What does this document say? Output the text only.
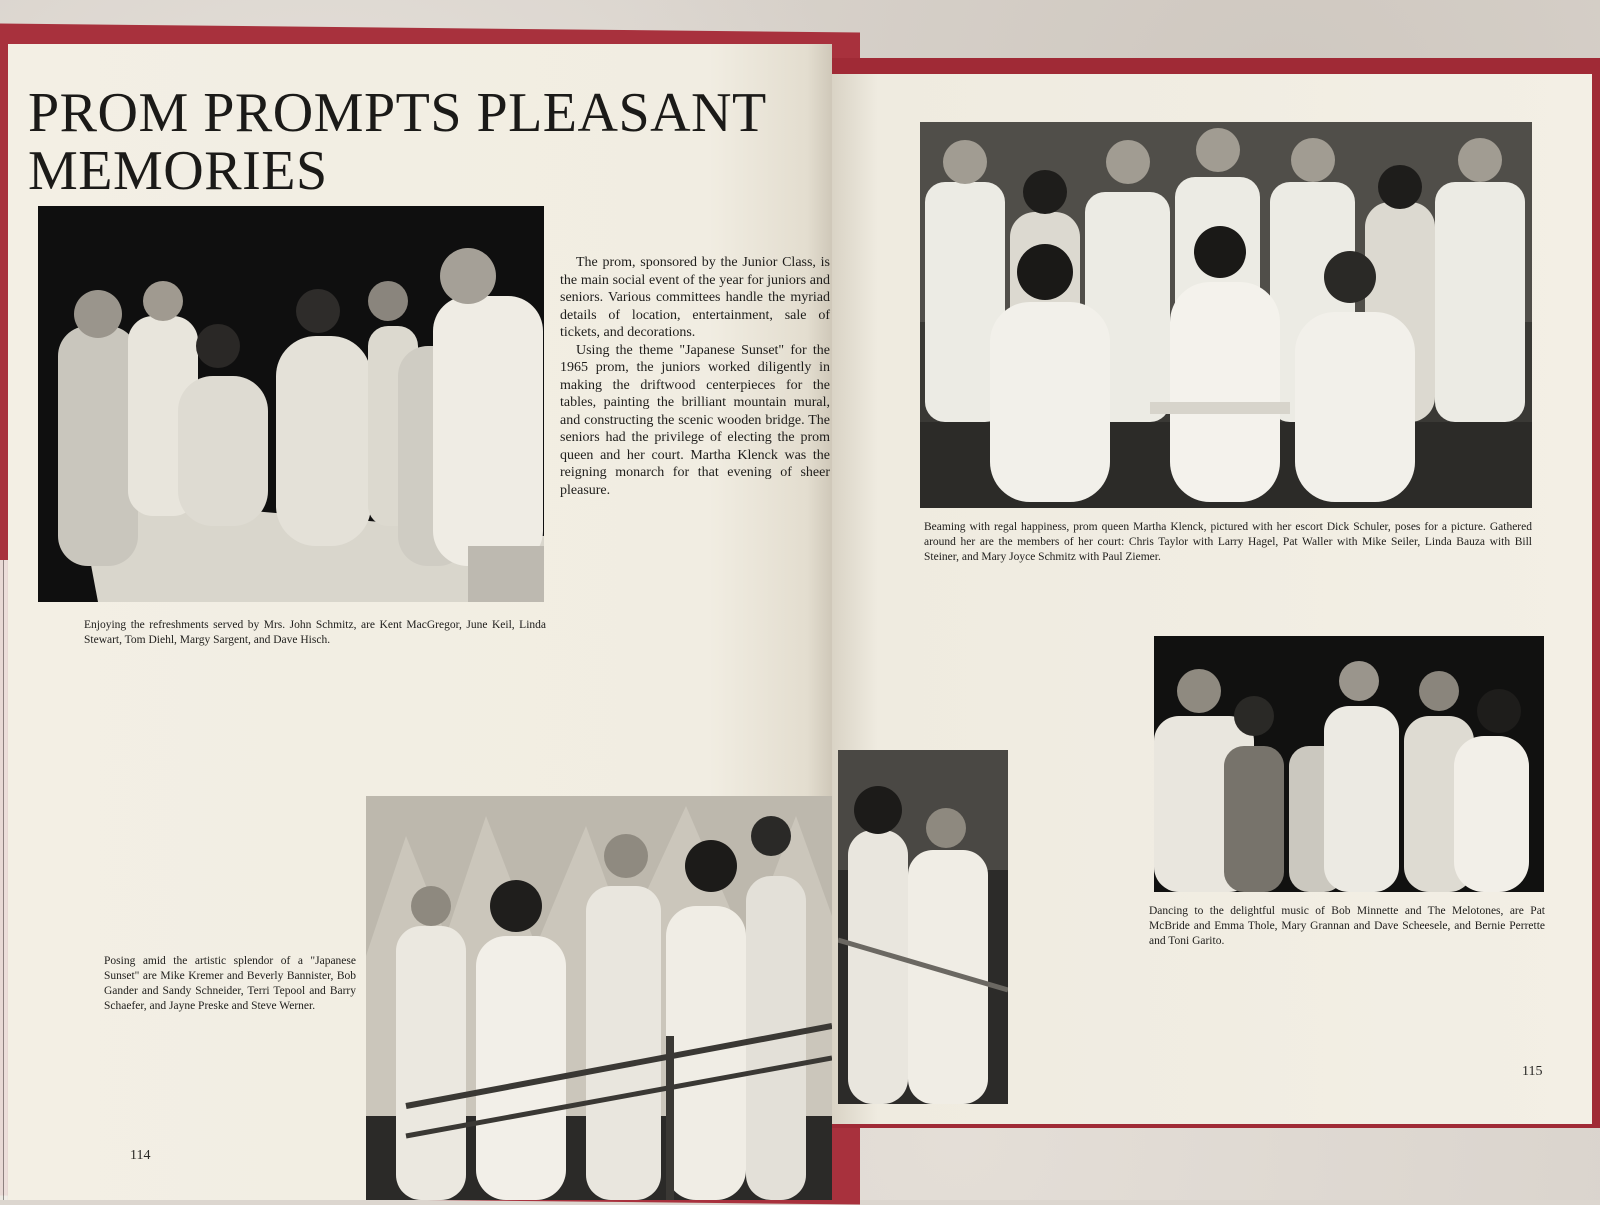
PROM PROMPTS PLEASANT MEMORIES

Enjoying the refreshments served by Mrs. John Schmitz, are Kent MacGregor, June Keil, Linda Stewart, Tom Diehl, Margy Sargent, and Dave Hisch.

The prom, sponsored by the Junior Class, is the main social event of the year for juniors and seniors. Various committees handle the myriad details of location, entertainment, sale of tickets, and decorations.

Using the theme "Japanese Sunset" for the 1965 prom, the juniors worked diligently in making the driftwood centerpieces for the tables, painting the brilliant mountain mural, and constructing the scenic wooden bridge. The seniors had the privilege of electing the prom queen and her court. Martha Klenck was the reigning monarch for that evening of sheer pleasure.

Posing amid the artistic splendor of a "Japanese Sunset" are Mike Kremer and Beverly Bannister, Bob Gander and Sandy Schneider, Terri Tepool and Barry Schaefer, and Jayne Preske and Steve Werner.

114

Beaming with regal happiness, prom queen Martha Klenck, pictured with her escort Dick Schuler, poses for a picture. Gathered around her are the members of her court: Chris Taylor with Larry Hagel, Pat Waller with Mike Seiler, Linda Bauza with Bill Steiner, and Mary Joyce Schmitz with Paul Ziemer.

Dancing to the delightful music of Bob Minnette and The Melotones, are Pat McBride and Emma Thole, Mary Grannan and Dave Scheesele, and Bernie Perrette and Toni Garito.

115
